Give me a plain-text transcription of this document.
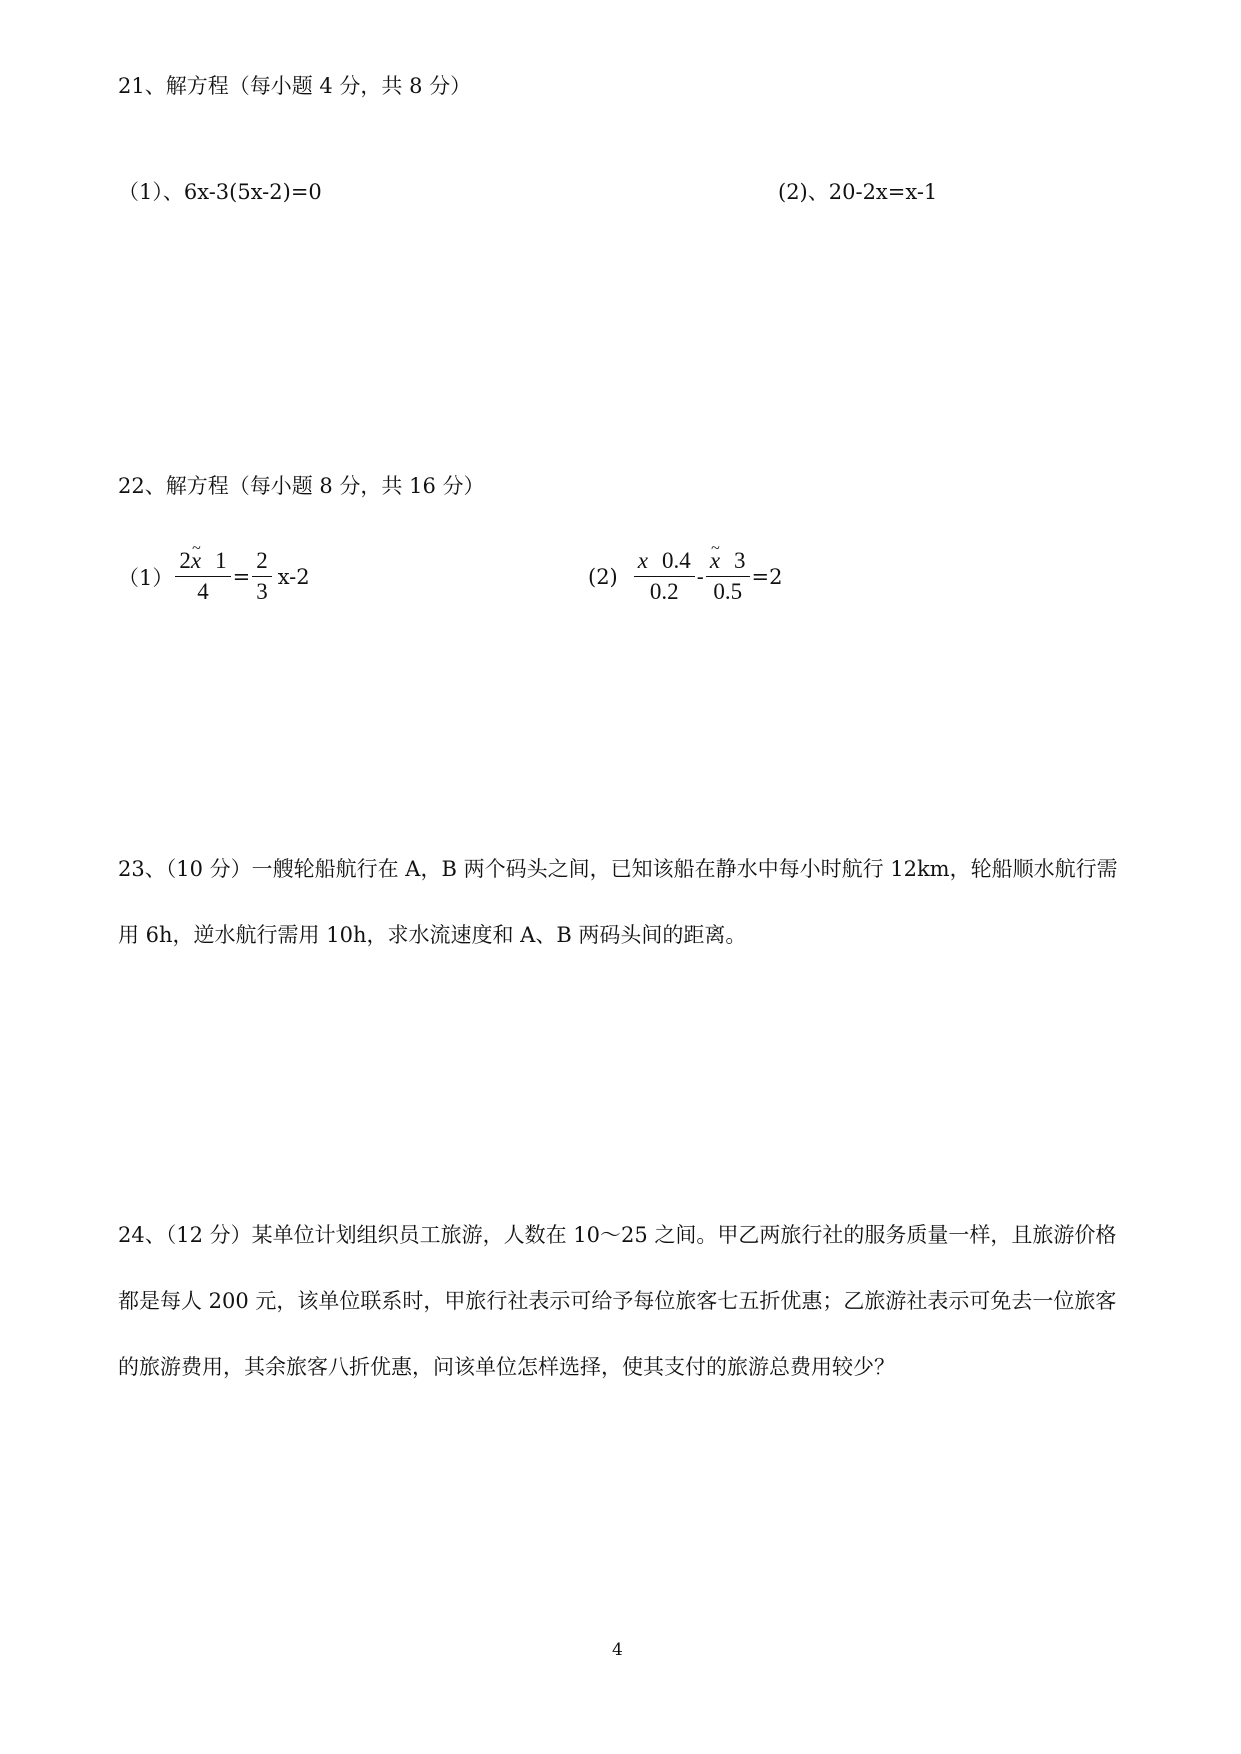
21、解方程（每小题 4 分，共 8 分）
（1）、6x-3(5x-2)=0	(2)、20-2x=x-1
22、解方程（每小题 8 分，共 16 分）
$(1) \frac{2\sim x 1}{4} = \frac{2}{3} x-2$	$(2) \frac{x 0.4}{0.2}$ -
~ $\frac{x 3}{0.5} =2$
23、（10 分）一艘轮船航行在 A，B 两个码头之间，已知该船在静水中每小时航行 12km，轮船顺水航行需用 6h，逆水航行需用 10h，求水流速度和 A、B 两码头间的距离。
24、（12 分）某单位计划组织员工旅游，人数在 10～25 之间。甲乙两旅行社的服务质量一样，且旅游价格都是每人 200 元，该单位联系时，甲旅行社表示可给予每位旅客七五折优惠；乙旅游社表示可免去一位旅客的旅游费用，其余旅客八折优惠，问该单位怎样选择，使其支付的旅游总费用较少？
4
